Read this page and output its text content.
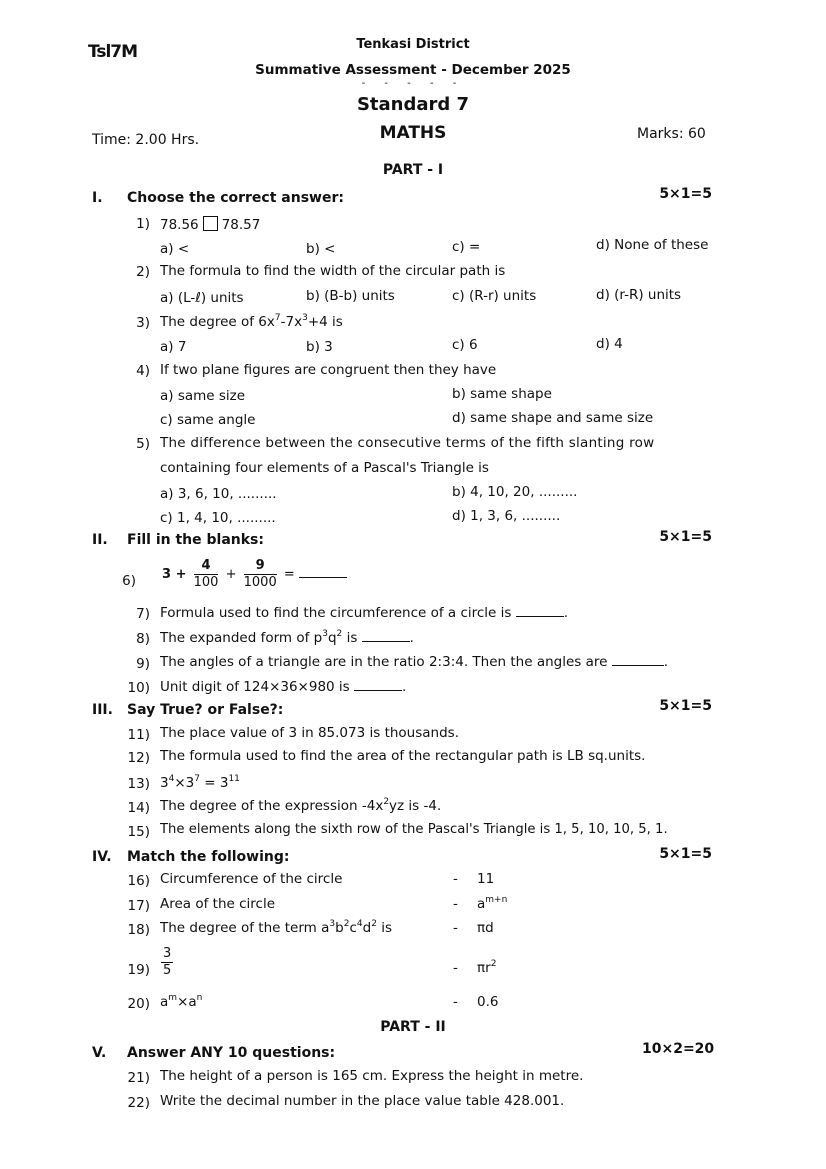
Tsl7M	Tenkasi District
Summative Assessment - December 2025
- - - - -
Standard 7
MATHS
Time: 2.00 Hrs.	Marks: 60
PART - I
I. Choose the correct answer:	5×1=5
1) 78.56 78.57
a) <	b) <	c) =	d) None of these
2) The formula to find the width of the circular path is
a) (L-ℓ) units	b) (B-b) units	c) (R-r) units	d) (r-R) units
3) The degree of $6x^7-7x^3+4$ is
a) 7	b) 3	c) 6	d) 4
4) If two plane figures are congruent then they have
a) same size	b) same shape
c) same angle	d) same shape and same size
5) The difference between the consecutive terms of the fifth slanting row
containing four elements of a Pascal's Triangle is
a) 3, 6, 10, .........	b) 4, 10, 20, .........
c) 1, 4, 10, .........	d) 1, 3, 6, .........
II. Fill in the blanks:	5×1=5
6) $3 + \frac{4}{100} + \frac{9}{1000}$ =
7) Formula used to find the circumference of a circle is	.
8) The expanded form of $p^3q^2$ is	.
9) The angles of a triangle are in the ratio 2:3:4. Then the angles are	.
10) Unit digit of 124×36×980 is	.
III. Say True? or False?:	5×1=5
11) The place value of 3 in 85.073 is thousands.
12) The formula used to find the area of the rectangular path is LB sq.units.
13) $3^4\times 3^7 = 3^{11}$
14) The degree of the expression $-4x^2yz$ is -4.
15) The elements along the sixth row of the Pascal's Triangle is 1, 5, 10, 10, 5, 1.
IV. Match the following:	5×1=5
16) Circumference of the circle	- 11
17) Area of the circle	- $a^{m+n}$
18) The degree of the term $a^3b^2c^4d^2$ is	- πd
$19) \frac{3}{5}$	- $\pi r^2$
20) $a^m\times a^n$	- 0.6
PART - II
V. Answer ANY 10 questions:	10×2=20
21) The height of a person is 165 cm. Express the height in metre.
22) Write the decimal number in the place value table 428.001.
